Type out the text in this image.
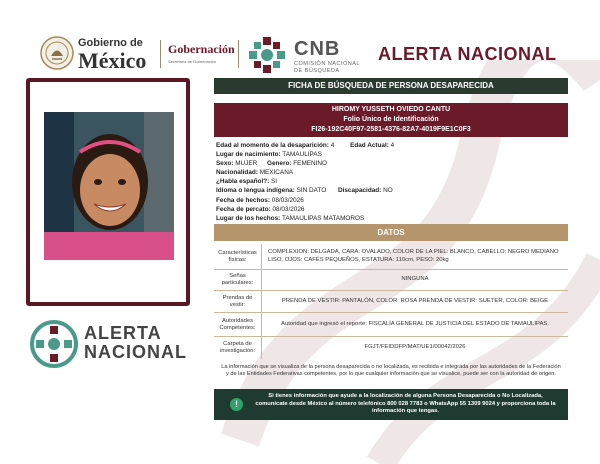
Gobierno de
México Gobernación
Secretaría de Gobernación
CNB
COMISIÓN NACIONAL
DE BÚSQUEDA
ALERTA NACIONAL
ALERTA
NACIONAL
FICHA DE BÚSQUEDA DE PERSONA DESAPARECIDA
HIROMY YUSSETH OVIEDO CANTU
Folio Único de Identificación
FI26-192C40F97-2581-4376-82A7-4019F9E1C0F3
Edad al momento de la desaparición: 4 Edad Actual: 4
Lugar de nacimiento: TAMAULIPAS
Sexo: MUJER Genero: FEMENINO
Nacionalidad: MEXICANA
¿Habla español?: SI
Idioma o lengua indígena: SIN DATO Discapacidad: NO
Fecha de hechos: 08/03/2026
Fecha de percato: 08/03/2026
Lugar de los hechos: TAMAULIPAS MATAMOROS
DATOS
Características físicas:
COMPLEXION: DELGADA, CARA: OVALADO, COLOR DE LA PIEL: BLANCO, CABELLO: NEGRO MEDIANO LISO, OJOS: CAFÉS PEQUEÑOS, ESTATURA: 110cm, PESO: 20kg
Señas particulares:
NINGUNA
Prendas de vestir:
PRENDA DE VESTIR: PANTALÓN, COLOR: ROSA PRENDA DE VESTIR: SUETER, COLOR: BEIGE
Autoridades Competentes:
Autoridad que ingresó el reporte: FISCALÍA GENERAL DE JUSTICIA DEL ESTADO DE TAMAULIPAS.
Carpeta de investigación:
FGJT/FEIDDFP/MAT/UE1/00042/2026
La información que se visualiza de la persona desaparecida o no localizada, es recibida e integrada por las autoridades de la Federación y de las Entidades Federativas competentes, por lo que cualquier información que se visualice, puede ser con la autoridad de origen.
!
Si tienes información que ayude a la localización de alguna Persona Desaparecida o No Localizada, comunícate desde México al número telefónico 800 028 7783 o WhatsApp 55 1309 9024 y proporciona toda la información que tengas.
